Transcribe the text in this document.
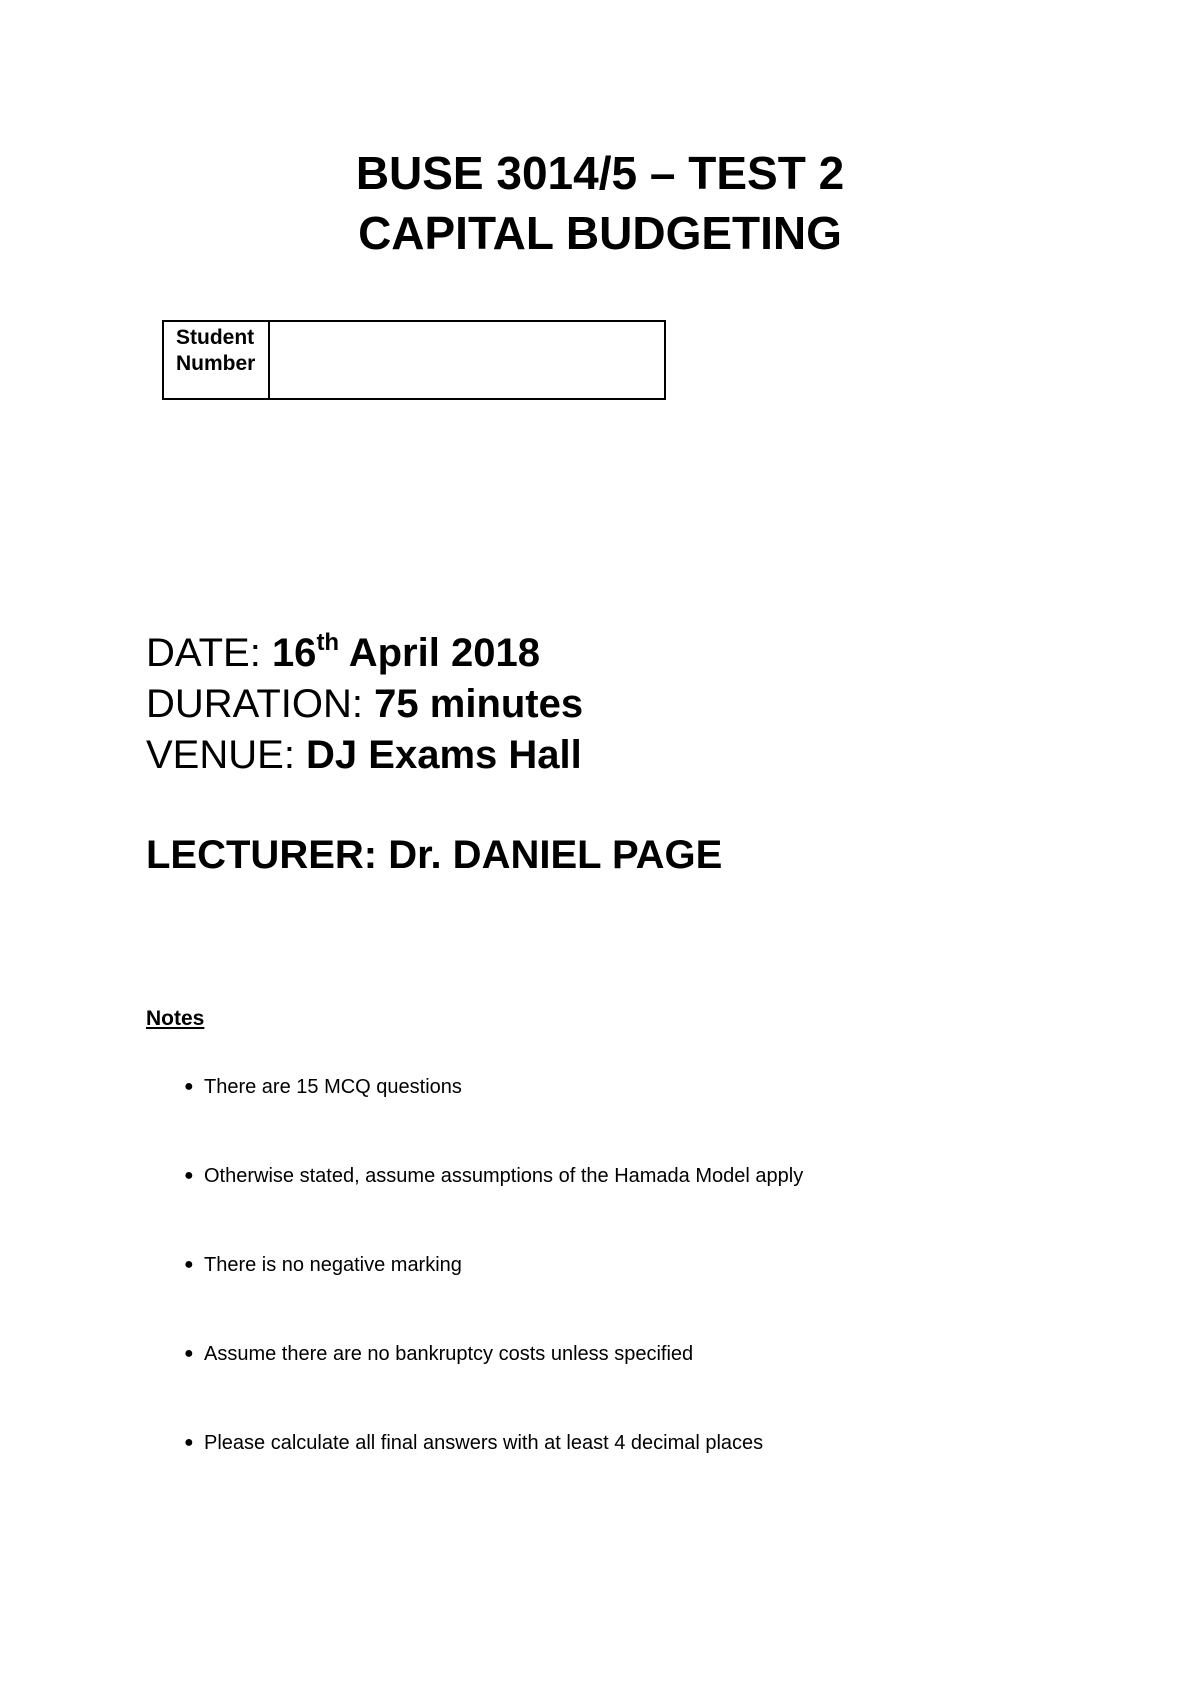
BUSE 3014/5 – TEST 2
CAPITAL BUDGETING
Student Number
DATE: 16th April 2018
DURATION: 75 minutes
VENUE: DJ Exams Hall
LECTURER: Dr. DANIEL PAGE
Notes
● There are 15 MCQ questions
● Otherwise stated, assume assumptions of the Hamada Model apply
● There is no negative marking
● Assume there are no bankruptcy costs unless specified
● Please calculate all final answers with at least 4 decimal places
